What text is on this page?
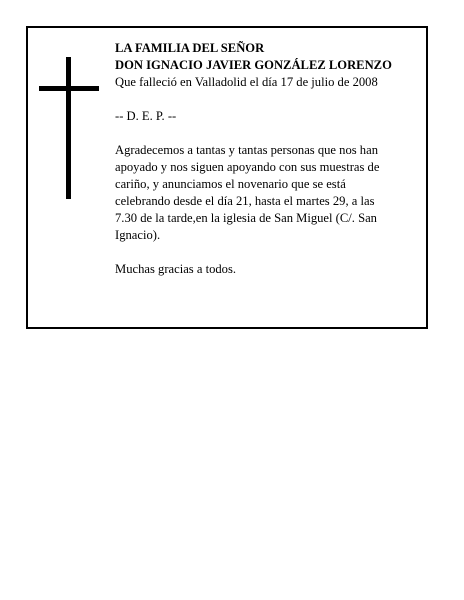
LA FAMILIA DEL SEÑOR

DON IGNACIO JAVIER GONZÁLEZ LORENZO

Que falleció en Valladolid el día 17 de julio de 2008

-- D. E. P. --

Agradecemos a tantas y tantas personas que nos han

apoyado y nos siguen apoyando con sus muestras de

cariño, y anunciamos el novenario que se está

celebrando desde el día 21, hasta el martes 29, a las

7.30 de la tarde,en la iglesia de San Miguel (C/. San

Ignacio).

Muchas gracias a todos.
